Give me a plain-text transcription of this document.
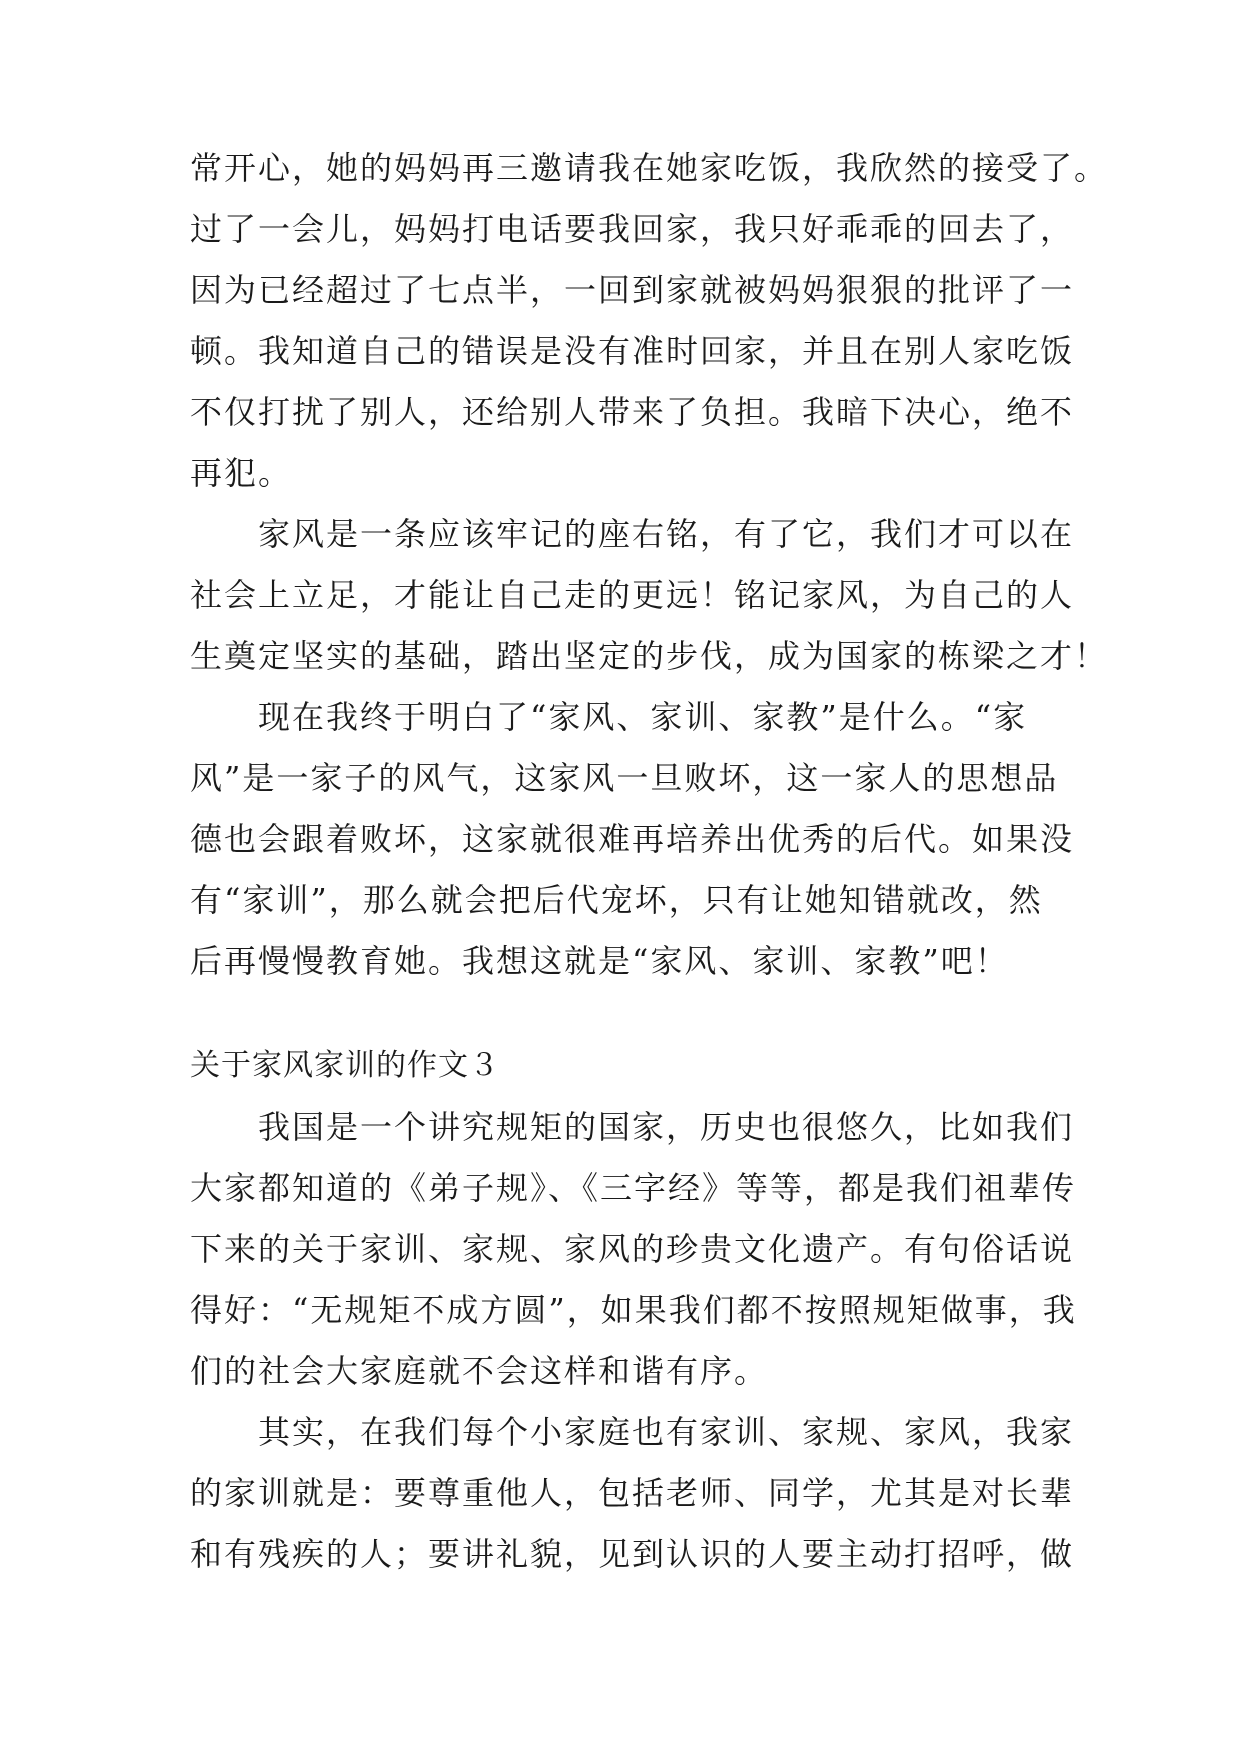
常开心，她的妈妈再三邀请我在她家吃饭，我欣然的接受了。
过了一会儿，妈妈打电话要我回家，我只好乖乖的回去了，
因为已经超过了七点半，一回到家就被妈妈狠狠的批评了一
顿。我知道自己的错误是没有准时回家，并且在别人家吃饭
不仅打扰了别人，还给别人带来了负担。我暗下决心，绝不
再犯。
　　家风是一条应该牢记的座右铭，有了它，我们才可以在
社会上立足，才能让自己走的更远！铭记家风，为自己的人
生奠定坚实的基础，踏出坚定的步伐，成为国家的栋梁之才！
　　现在我终于明白了“家风、家训、家教”是什么。“家
风”是一家子的风气，这家风一旦败坏，这一家人的思想品
德也会跟着败坏，这家就很难再培养出优秀的后代。如果没
有“家训”，那么就会把后代宠坏，只有让她知错就改，然
后再慢慢教育她。我想这就是“家风、家训、家教”吧！
关于家风家训的作文３
　　我国是一个讲究规矩的国家，历史也很悠久，比如我们
大家都知道的《弟子规》、《三字经》等等，都是我们祖辈传
下来的关于家训、家规、家风的珍贵文化遗产。有句俗话说
得好：“无规矩不成方圆”，如果我们都不按照规矩做事，我
们的社会大家庭就不会这样和谐有序。
　　其实，在我们每个小家庭也有家训、家规、家风，我家
的家训就是：要尊重他人，包括老师、同学，尤其是对长辈
和有残疾的人；要讲礼貌，见到认识的人要主动打招呼，做
